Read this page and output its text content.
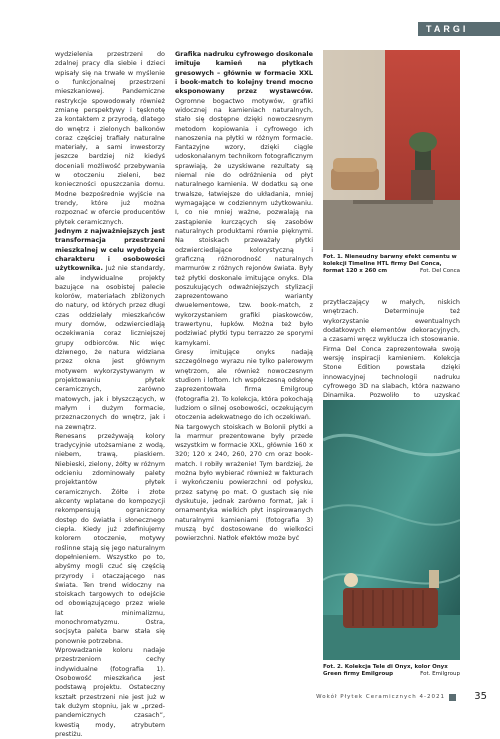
TARGI

wydzielenia przestrzeni do zdalnej pracy dla siebie i dzieci wpisały się na trwałe w myślenie o funkcjonalnej przestrzeni mieszkaniowej. Pandemiczne restrykcje spowodowały również zmianę perspektywy i tęsknotę za kontaktem z przyrodą, dlatego do wnętrz i zielonych balkonów coraz częściej trafiały naturalne materiały, a sami inwestorzy jeszcze bardziej niż kiedyś doceniali możliwość przebywania w otoczeniu zieleni, bez konieczności opuszczania domu. Modne bezpośrednie wyjście na trendy, które już można rozpoznać w ofercie producentów płytek ceramicznych.

Jednym z najważniejszych jest transformacja przestrzeni mieszkalnej w celu wydobycia charakteru i osobowości użytkownika. Już nie standardy, ale indywidualne projekty bazujące na osobistej palecie kolorów, materiałach zbliżonych do natury, od których przez długi czas oddzielały mieszkańców mury domów, odzwierciedlają oczekiwania coraz liczniejszej grupy odbiorców. Nic więc dziwnego, że natura widziana przez okna jest głównym motywem wykorzystywanym w projektowaniu płytek ceramicznych, zarówno matowych, jak i błyszczących, w małym i dużym formacie, przeznaczonych do wnętrz, jak i na zewnątrz.

Renesans przeżywają kolory tradycyjnie utożsamiane z wodą, niebem, trawą, piaskiem. Niebieski, zielony, żółty w różnym odcieniu zdominowały palety projektantów płytek ceramicznych. Żółte i złote akcenty wplatane do kompozycji rekompensują ograniczony dostęp do światła i słonecznego ciepła. Kiedy już zdefiniujemy kolorem otoczenie, motywy roślinne stają się jego naturalnym dopełnieniem. Wszystko po to, abyśmy mogli czuć się częścią przyrody i otaczającego nas świata. Ten trend widoczny na stoiskach targowych to odejście od obowiązującego przez wiele lat minimalizmu, monochromatyzmu. Ostra, socjsyta paleta barw stała się ponownie potrzebna.

Wprowadzanie koloru nadaje przestrzeniom cechy indywidualne (fotografia 1). Osobowość mieszkańca jest podstawą projektu. Ostateczny kształt przestrzeni nie jest już w tak dużym stopniu, jak w „przed-pandemicznych czasach”, kwestią mody, atrybutem prestiżu.

Grafika nadruku cyfrowego doskonale imituje kamień na płytkach gresowych – głównie w formacie XXL i book-match to kolejny trend mocno eksponowany przez wystawców. Ogromne bogactwo motywów, grafiki widocznej na kamieniach naturalnych, stało się dostępne dzięki nowoczesnym metodom kopiowania i cyfrowego ich nanoszenia na płytki w różnym formacie. Fantazyjne wzory, dzięki ciągle udoskonalanym technikom fotograficznym sprawiają, że uzyskiwane rezultaty są niemal nie do odróżnienia od płyt naturalnego kamienia. W dodatku są one trwalsze, łatwiejsze do układania, mniej wymagające w codziennym użytkowaniu. I, co nie mniej ważne, pozwalają na zastąpienie kurczących się zasobów naturalnych produktami równie pięknymi. Na stoiskach przeważały płytki odzwierciedlające kolorystyczną i graficzną różnorodność naturalnych marmurów z różnych rejonów świata. Były też płytki doskonale imitujące onyks. Dla poszukujących odważniejszych stylizacji zaprezentowano warianty dwuelementowe, tzw. book-match, z wykorzystaniem grafiki piaskowców, trawertynu, łupków. Można też było podziwiać płytki typu terrazzo ze sporymi kamykami.

Gresy imitujące onyks nadają szczególnego wyrazu nie tylko palerowym wnętrzom, ale również nowoczesnym studiom i loftom. Ich współczesną odsłonę zaprezentowała firma Emilgroup (fotografia 2). To kolekcja, która pokochają ludziom o silnej osobowości, oczekującym otoczenia adekwatnego do ich oczekiwań.

Na targowych stoiskach w Bolonii płytki a la marmur prezentowane były przede wszystkim w formacie XXL, głównie 160 x 320; 120 x 240, 260, 270 cm oraz book-match. I robiły wrażenie! Tym bardziej, że można było wybierać również w fakturach i wykończeniu powierzchni od połysku, przez satynę po mat. O gustach się nie dyskutuje, jednak zarówno format, jak i ornamentyka wielkich płyt inspirowanych naturalnymi kamieniami (fotografia 3) muszą być dostosowane do wielkości powierzchni. Natłok efektów może być

Fot. 1. Nieneudny barwny efekt cementu w kolekcji Timeline HTL firmy Del Conca, format 120 x 260 cm	Fot. Del Conca

przytłaczający w małych, niskich wnętrzach. Determinuje też wykorzystanie ewentualnych dodatkowych elementów dekoracyjnych, a czasami wręcz wyklucza ich stosowanie.

Firma Del Conca zaprezentowała swoją wersję inspiracji kamieniem. Kolekcja Stone Edition powstała dzięki innowacyjnej technologii nadruku cyfrowego 3D na slabach, która nazwano Dinamika. Pozwoliło to uzyskać

Fot. 2. Kolekcja Tele di Onyx, kolor Onyx Green firmy Emilgroup	Fot. Emilgroup
Wokół Płytek Ceramicznych 4-2021	35
